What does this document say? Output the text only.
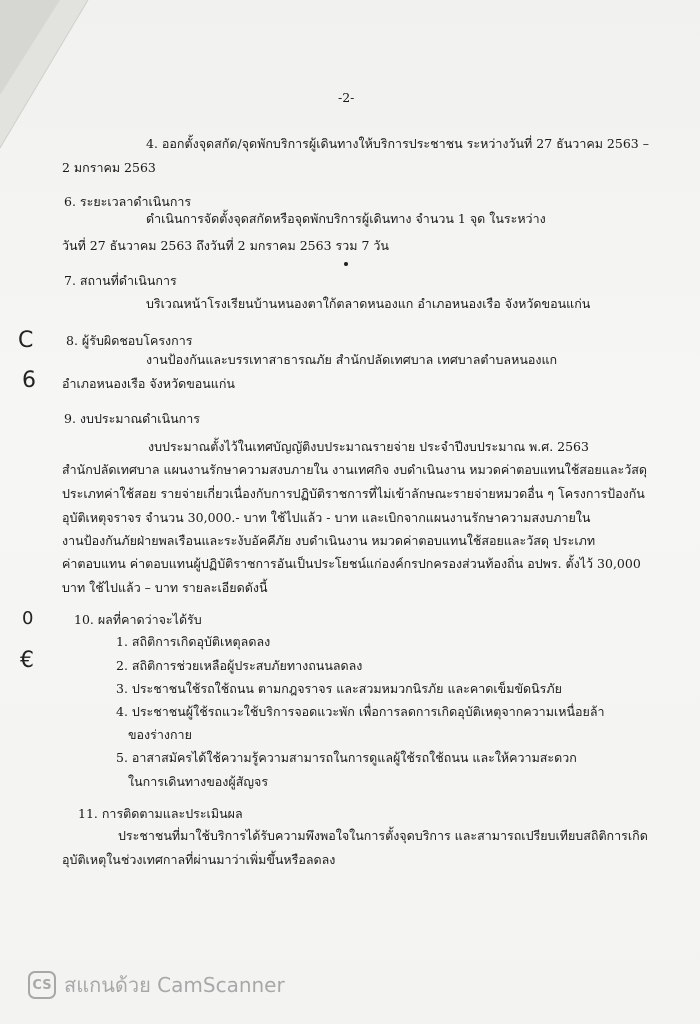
-2-
4. ออกตั้งจุดสกัด/จุดพักบริการผู้เดินทางให้บริการประชาชน ระหว่างวันที่ 27 ธันวาคม 2563 –
2 มกราคม 2563
6. ระยะเวลาดำเนินการ
ดำเนินการจัดตั้งจุดสกัดหรือจุดพักบริการผู้เดินทาง จำนวน 1 จุด ในระหว่าง
วันที่ 27 ธันวาคม 2563 ถึงวันที่ 2 มกราคม 2563 รวม 7 วัน
7. สถานที่ดำเนินการ
บริเวณหน้าโรงเรียนบ้านหนองตาใก้ตลาดหนองแก อำเภอหนองเรือ จังหวัดขอนแก่น
C	8. ผู้รับผิดชอบโครงการ
งานป้องกันและบรรเทาสาธารณภัย สำนักปลัดเทศบาล เทศบาลตำบลหนองแก
6 อำเภอหนองเรือ จังหวัดขอนแก่น
9. งบประมาณดำเนินการ
งบประมาณตั้งไว้ในเทศบัญญัติงบประมาณรายจ่าย ประจำปีงบประมาณ พ.ศ. 2563
สำนักปลัดเทศบาล แผนงานรักษาความสงบภายใน งานเทศกิจ งบดำเนินงาน หมวดค่าตอบแทนใช้สอยและวัสดุ
ประเภทค่าใช้สอย รายจ่ายเกี่ยวเนื่องกับการปฏิบัติราชการที่ไม่เข้าลักษณะรายจ่ายหมวดอื่น ๆ โครงการป้องกัน
อุบัติเหตุจราจร จำนวน 30,000.- บาท ใช้ไปแล้ว - บาท และเบิกจากแผนงานรักษาความสงบภายใน
งานป้องกันภัยฝ่ายพลเรือนและระงับอัคคีภัย งบดำเนินงาน หมวดค่าตอบแทนใช้สอยและวัสดุ ประเภท
ค่าตอบแทน ค่าตอบแทนผู้ปฏิบัติราชการอันเป็นประโยชน์แก่องค์กรปกครองส่วนท้องถิ่น อปพร. ตั้งไว้ 30,000
บาท ใช้ไปแล้ว – บาท รายละเอียดดังนี้
0	10. ผลที่คาดว่าจะได้รับ
1. สถิติการเกิดอุบัติเหตุลดลง
€	2. สถิติการช่วยเหลือผู้ประสบภัยทางถนนลดลง
3. ประชาชนใช้รถใช้ถนน ตามกฎจราจร และสวมหมวกนิรภัย และคาดเข็มขัดนิรภัย
4. ประชาชนผู้ใช้รถแวะใช้บริการจอดแวะพัก เพื่อการลดการเกิดอุบัติเหตุจากความเหนื่อยล้า
ของร่างกาย
5. อาสาสมัครได้ใช้ความรู้ความสามารถในการดูแลผู้ใช้รถใช้ถนน และให้ความสะดวก
ในการเดินทางของผู้สัญจร
11. การติดตามและประเมินผล
ประชาชนที่มาใช้บริการได้รับความพึงพอใจในการตั้งจุดบริการ และสามารถเปรียบเทียบสถิติการเกิด
อุบัติเหตุในช่วงเทศกาลที่ผ่านมาว่าเพิ่มขึ้นหรือลดลง
CS สแกนด้วย CamScanner
